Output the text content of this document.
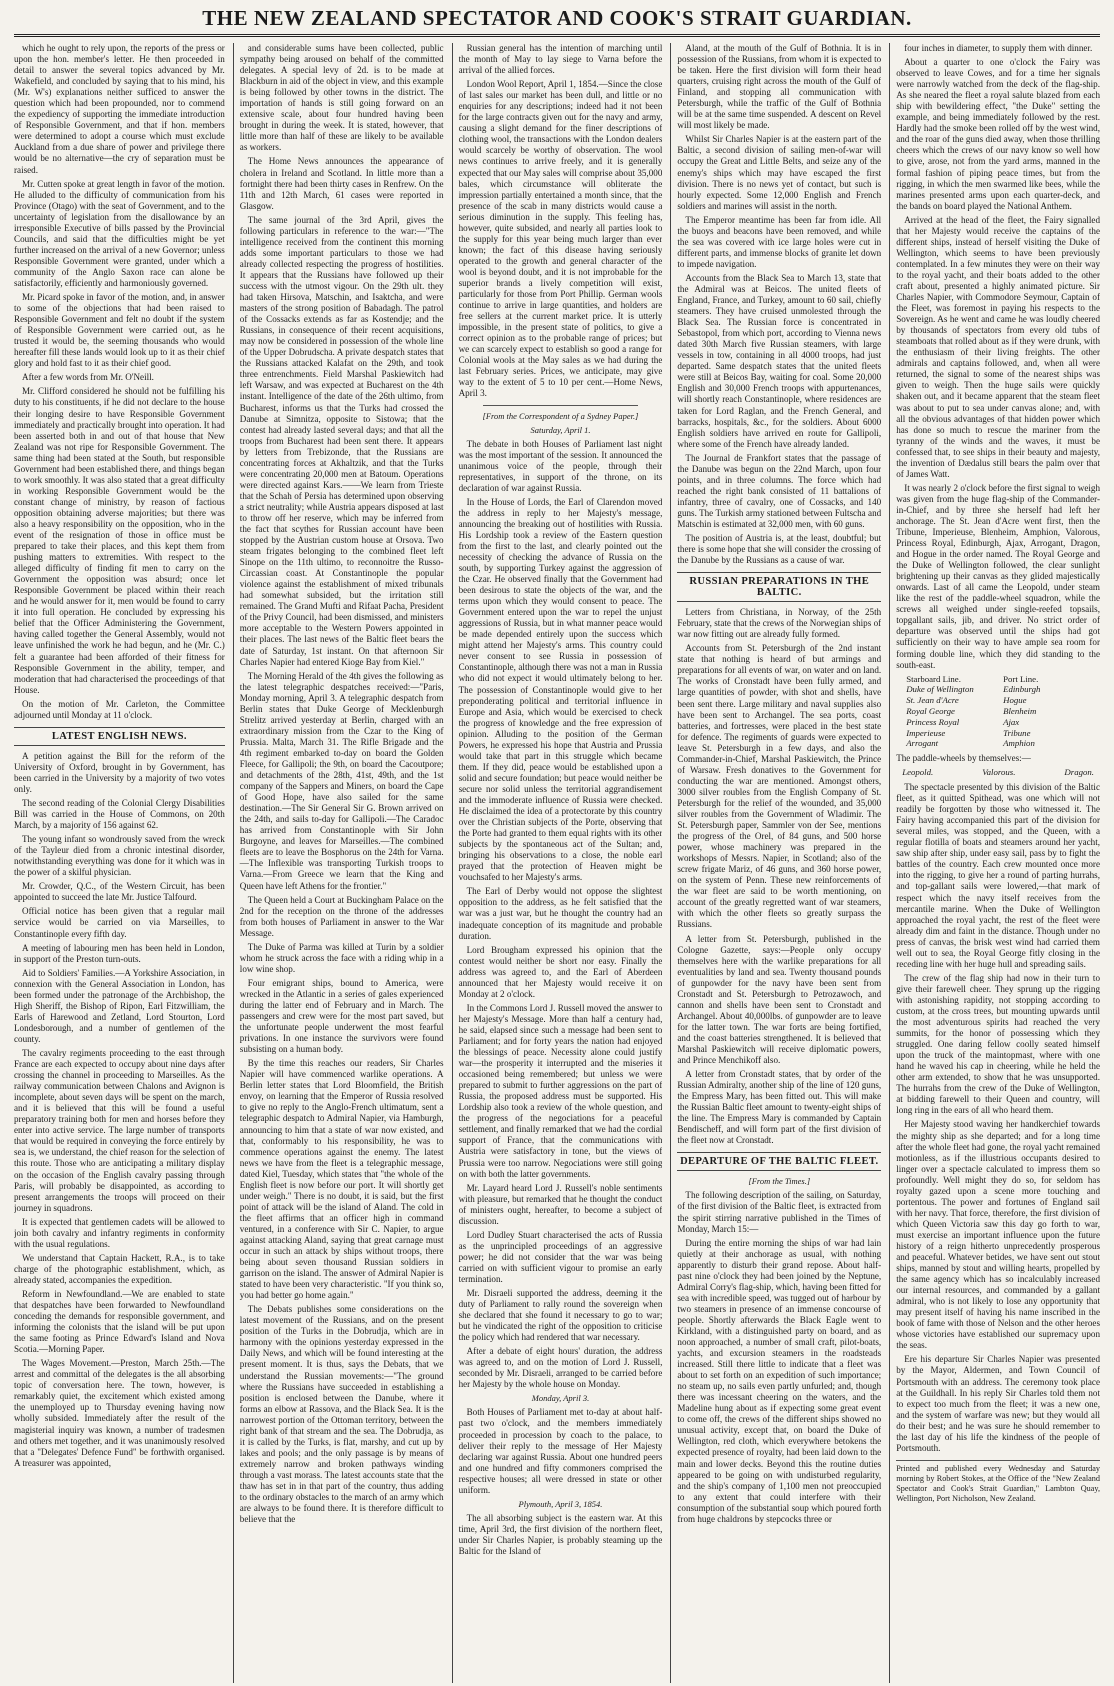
THE NEW ZEALAND SPECTATOR AND COOK'S STRAIT GUARDIAN.

which he ought to rely upon, the reports of the press or upon the hon. member's letter. He then proceeded in detail to answer the several topics advanced by Mr. Wakefield, and concluded by saying that to his mind, his (Mr. W's) explanations neither sufficed to answer the question which had been propounded, nor to commend the expediency of supporting the immediate introduction of Responsible Government, and that if hon. members were determined to adopt a course which must exclude Auckland from a due share of power and privilege there would be no alternative—the cry of separation must be raised.

Mr. Cutten spoke at great length in favor of the motion. He alluded to the difficulty of communication from his Province (Otago) with the seat of Government, and to the uncertainty of legislation from the disallowance by an irresponsible Executive of bills passed by the Provincial Councils, and said that the difficulties might be yet further increased on the arrival of a new Governor; unless Responsible Government were granted, under which a community of the Anglo Saxon race can alone be satisfactorily, efficiently and harmoniously governed.

Mr. Picard spoke in favor of the motion, and, in answer to some of the objections that had been raised to Responsible Government and felt no doubt if the system of Responsible Government were carried out, as he trusted it would be, the seeming thousands who would hereafter fill these lands would look up to it as their chief glory and hold fast to it as their chief good.

After a few words from Mr. O'Neill.

Mr. Clifford considered he should not be fulfilling his duty to his constituents, if he did not declare to the house their longing desire to have Responsible Government immediately and practically brought into operation. It had been asserted both in and out of that house that New Zealand was not ripe for Responsible Government. The same thing had been stated at the South, but responsible Government had been established there, and things began to work smoothly. It was also stated that a great difficulty in working Responsible Government would be the constant change of ministry, by reason of factious opposition obtaining adverse majorities; but there was also a heavy responsibility on the opposition, who in the event of the resignation of those in office must be prepared to take their places, and this kept them from pushing matters to extremities. With respect to the alleged difficulty of finding fit men to carry on the Government the opposition was absurd; once let Responsible Government be placed within their reach and he would answer for it, men would be found to carry it into full operation. He concluded by expressing his belief that the Officer Administering the Government, having called together the General Assembly, would not leave unfinished the work he had begun, and he (Mr. C.) felt a guarantee had been afforded of their fitness for Responsible Government in the ability, temper, and moderation that had characterised the proceedings of that House.

On the motion of Mr. Carleton, the Committee adjourned until Monday at 11 o'clock.

LATEST ENGLISH NEWS.

A petition against the Bill for the reform of the University of Oxford, brought in by Government, has been carried in the University by a majority of two votes only.

The second reading of the Colonial Clergy Disabilities Bill was carried in the House of Commons, on 20th March, by a majority of 156 against 62.

The young infant so wondrously saved from the wreck of the Tayleur died from a chronic intestinal disorder, notwithstanding everything was done for it which was in the power of a skilful physician.

Mr. Crowder, Q.C., of the Western Circuit, has been appointed to succeed the late Mr. Justice Talfourd.

Official notice has been given that a regular mail service would be carried on via Marseilles, to Constantinople every fifth day.

A meeting of labouring men has been held in London, in support of the Preston turn-outs.

Aid to Soldiers' Families.—A Yorkshire Association, in connexion with the General Association in London, has been formed under the patronage of the Archbishop, the High Sheriff, the Bishop of Ripon, Earl Fitzwilliam, the Earls of Harewood and Zetland, Lord Stourton, Lord Londesborough, and a number of gentlemen of the county.

The cavalry regiments proceeding to the east through France are each expected to occupy about nine days after crossing the channel in proceeding to Marseilles. As the railway communication between Chalons and Avignon is incomplete, about seven days will be spent on the march, and it is believed that this will be found a useful preparatory training both for men and horses before they enter into active service. The large number of transports that would be required in conveying the force entirely by sea is, we understand, the chief reason for the selection of this route. Those who are anticipating a military display on the occasion of the English cavalry passing through Paris, will probably be disappointed, as according to present arrangements the troops will proceed on their journey in squadrons.

It is expected that gentlemen cadets will be allowed to join both cavalry and infantry regiments in conformity with the usual regulations.

We understand that Captain Hackett, R.A., is to take charge of the photographic establishment, which, as already stated, accompanies the expedition.

Reform in Newfoundland.—We are enabled to state that despatches have been forwarded to Newfoundland conceding the demands for responsible government, and informing the colonists that the island will be put upon the same footing as Prince Edward's Island and Nova Scotia.—Morning Paper.

The Wages Movement.—Preston, March 25th.—The arrest and committal of the delegates is the all absorbing topic of conversation here. The town, however, is remarkably quiet, the excitement which existed among the unemployed up to Thursday evening having now wholly subsided. Immediately after the result of the magisterial inquiry was known, a number of tradesmen and others met together, and it was unanimously resolved that a "Delegates' Defence Fund" be forthwith organised. A treasurer was appointed,

and considerable sums have been collected, public sympathy being aroused on behalf of the committed delegates. A special levy of 2d. is to be made at Blackburn in aid of the object in view, and this example is being followed by other towns in the district. The importation of hands is still going forward on an extensive scale, about four hundred having been brought in during the week. It is stated, however, that little more than half of these are likely to be available as workers.

The Home News announces the appearance of cholera in Ireland and Scotland. In little more than a fortnight there had been thirty cases in Renfrew. On the 11th and 12th March, 61 cases were reported in Glasgow.

The same journal of the 3rd April, gives the following particulars in reference to the war:—"The intelligence received from the continent this morning adds some important particulars to those we had already collected respecting the progress of hostilities. It appears that the Russians have followed up their success with the utmost vigour. On the 29th ult. they had taken Hirsova, Matschin, and Isaktcha, and were masters of the strong position of Babadagh. The patrol of the Cossacks extends as far as Kostendje; and the Russians, in consequence of their recent acquisitions, may now be considered in possession of the whole line of the Upper Dobrudscha. A private despatch states that the Russians attacked Kalafat on the 29th, and took three entrenchments. Field Marshal Paskiewitch had left Warsaw, and was expected at Bucharest on the 4th instant. Intelligence of the date of the 26th ultimo, from Bucharest, informs us that the Turks had crossed the Danube at Simnitza, opposite to Sistowa; that the contest had already lasted several days; and that all the troops from Bucharest had been sent there. It appears by letters from Trebizonde, that the Russians are concentrating forces at Akhaltzik, and that the Turks were concentrating 20,000 men at Batoum. Operations were directed against Kars.——We learn from Trieste that the Schah of Persia has determined upon observing a strict neutrality; while Austria appears disposed at last to throw off her reserve, which may be inferred from the fact that scythes for Russian account have been stopped by the Austrian custom house at Orsova. Two steam frigates belonging to the combined fleet left Sinope on the 11th ultimo, to reconnoitre the Russo-Circassian coast. At Constantinople the popular violence against the establishment of mixed tribunals had somewhat subsided, but the irritation still remained. The Grand Mufti and Rifaat Pacha, President of the Privy Council, had been dismissed, and ministers more acceptable to the Western Powers appointed in their places. The last news of the Baltic fleet bears the date of Saturday, 1st instant. On that afternoon Sir Charles Napier had entered Kioge Bay from Kiel."

The Morning Herald of the 4th gives the following as the latest telegraphic despatches received:—"Paris, Monday morning, April 3. A telegraphic despatch from Berlin states that Duke George of Mecklenburgh Strelitz arrived yesterday at Berlin, charged with an extraordinary mission from the Czar to the King of Prussia. Malta, March 31. The Rifle Brigade and the 4th regiment embarked to-day on board the Golden Fleece, for Gallipoli; the 9th, on board the Cacoutpore; and detachments of the 28th, 41st, 49th, and the 1st company of the Sappers and Miners, on board the Cape of Good Hope, have also sailed for the same destination.—The Sir General Sir G. Brown arrived on the 24th, and sails to-day for Gallipoli.—The Caradoc has arrived from Constantinople with Sir John Burgoyne, and leaves for Marseilles.—The combined fleets are to leave the Bosphorus on the 24th for Varna.—The Inflexible was transporting Turkish troops to Varna.—From Greece we learn that the King and Queen have left Athens for the frontier."

The Queen held a Court at Buckingham Palace on the 2nd for the reception on the throne of the addresses from both houses of Parliament in answer to the War Message.

The Duke of Parma was killed at Turin by a soldier whom he struck across the face with a riding whip in a low wine shop.

Four emigrant ships, bound to America, were wrecked in the Atlantic in a series of gales experienced during the latter end of February and in March. The passengers and crew were for the most part saved, but the unfortunate people underwent the most fearful privations. In one instance the survivors were found subsisting on a human body.

By the time this reaches our readers, Sir Charles Napier will have commenced warlike operations. A Berlin letter states that Lord Bloomfield, the British envoy, on learning that the Emperor of Russia resolved to give no reply to the Anglo-French ultimatum, sent a telegraphic despatch to Admiral Napier, via Hamburgh, announcing to him that a state of war now existed, and that, conformably to his responsibility, he was to commence operations against the enemy. The latest news we have from the fleet is a telegraphic message, dated Kiel, Tuesday, which states that "the whole of the English fleet is now before our port. It will shortly get under weigh." There is no doubt, it is said, but the first point of attack will be the island of Aland. The cold in the fleet affirms that an officer high in command ventured, in a conference with Sir C. Napier, to argue against attacking Aland, saying that great carnage must occur in such an attack by ships without troops, there being about seven thousand Russian soldiers in garrison on the island. The answer of Admiral Napier is stated to have been very characteristic. "If you think so, you had better go home again."

The Debats publishes some considerations on the latest movement of the Russians, and on the present position of the Turks in the Dobrudja, which are in harmony with the opinions yesterday expressed in the Daily News, and which will be found interesting at the present moment. It is thus, says the Debats, that we understand the Russian movements:—"The ground where the Russians have succeeded in establishing a position is enclosed between the Danube, where it forms an elbow at Rassova, and the Black Sea. It is the narrowest portion of the Ottoman territory, between the right bank of that stream and the sea. The Dobrudja, as it is called by the Turks, is flat, marshy, and cut up by lakes and pools; and the only passage is by means of extremely narrow and broken pathways winding through a vast morass. The latest accounts state that the thaw has set in in that part of the country, thus adding to the ordinary obstacles to the march of an army which are always to be found there. It is therefore difficult to believe that the

Russian general has the intention of marching until the month of May to lay siege to Varna before the arrival of the allied forces.

London Wool Report, April 1, 1854.—Since the close of last sales our market has been dull, and little or no enquiries for any descriptions; indeed had it not been for the large contracts given out for the navy and army, causing a slight demand for the finer descriptions of clothing wool, the transactions with the London dealers would scarcely be worthy of observation. The wool news continues to arrive freely, and it is generally expected that our May sales will comprise about 35,000 bales, which circumstance will obliterate the impression partially entertained a month since, that the presence of the scab in many districts would cause a serious diminution in the supply. This feeling has, however, quite subsided, and nearly all parties look to the supply for this year being much larger than ever known; the fact of this disease having seriously operated to the growth and general character of the wool is beyond doubt, and it is not improbable for the superior brands a lively competition will exist, particularly for those from Port Phillip. German wools continue to arrive in large quantities, and holders are free sellers at the current market price. It is utterly impossible, in the present state of politics, to give a correct opinion as to the probable range of prices; but we can scarcely expect to establish so good a range for Colonial wools at the May sales as we had during the last February series. Prices, we anticipate, may give way to the extent of 5 to 10 per cent.—Home News, April 3.

[From the Correspondent of a Sydney Paper.]
Saturday, April 1.

The debate in both Houses of Parliament last night was the most important of the session. It announced the unanimous voice of the people, through their representatives, in support of the throne, on its declaration of war against Russia.

In the House of Lords, the Earl of Clarendon moved the address in reply to her Majesty's message, announcing the breaking out of hostilities with Russia. His Lordship took a review of the Eastern question from the first to the last, and clearly pointed out the necessity of checking the advance of Russia on the south, by supporting Turkey against the aggression of the Czar. He observed finally that the Government had been desirous to state the objects of the war, and the terms upon which they would consent to peace. The Government entered upon the war to repel the unjust aggressions of Russia, but in what manner peace would be made depended entirely upon the success which might attend her Majesty's arms. This country could never consent to see Russia in possession of Constantinople, although there was not a man in Russia who did not expect it would ultimately belong to her. The possession of Constantinople would give to her preponderating political and territorial influence in Europe and Asia, which would be exercised to check the progress of knowledge and the free expression of opinion. Alluding to the position of the German Powers, he expressed his hope that Austria and Prussia would take that part in this struggle which became them. If they did, peace would be established upon a solid and secure foundation; but peace would neither be secure nor solid unless the territorial aggrandisement and the immoderate influence of Russia were checked. He disclaimed the idea of a protectorate by this country over the Christian subjects of the Porte, observing that the Porte had granted to them equal rights with its other subjects by the spontaneous act of the Sultan; and, bringing his observations to a close, the noble earl prayed that the protection of Heaven might be vouchsafed to her Majesty's arms.

The Earl of Derby would not oppose the slightest opposition to the address, as he felt satisfied that the war was a just war, but he thought the country had an inadequate conception of its magnitude and probable duration.

Lord Brougham expressed his opinion that the contest would neither be short nor easy. Finally the address was agreed to, and the Earl of Aberdeen announced that her Majesty would receive it on Monday at 2 o'clock.

In the Commons Lord J. Russell moved the answer to her Majesty's Message. More than half a century had, he said, elapsed since such a message had been sent to Parliament; and for forty years the nation had enjoyed the blessings of peace. Necessity alone could justify war—the prosperity it interrupted and the miseries it occasioned being remembered; but unless we were prepared to submit to further aggressions on the part of Russia, the proposed address must be supported. His Lordship also took a review of the whole question, and the progress of the negociations for a peaceful settlement, and finally remarked that we had the cordial support of France, that the communications with Austria were satisfactory in tone, but the views of Prussia were too narrow. Negociations were still going on with both the latter governments.

Mr. Layard heard Lord J. Russell's noble sentiments with pleasure, but remarked that he thought the conduct of ministers ought, hereafter, to become a subject of discussion.

Lord Dudley Stuart characterised the acts of Russia as the unprincipled proceedings of an aggressive power; he did not consider that the war was being carried on with sufficient vigour to promise an early termination.

Mr. Disraeli supported the address, deeming it the duty of Parliament to rally round the sovereign when she declared that she found it necessary to go to war; but he vindicated the right of the opposition to criticise the policy which had rendered that war necessary.

After a debate of eight hours' duration, the address was agreed to, and on the motion of Lord J. Russell, seconded by Mr. Disraeli, arranged to be carried before her Majesty by the whole house on Monday.

Monday, April 3.

Both Houses of Parliament met to-day at about half-past two o'clock, and the members immediately proceeded in procession by coach to the palace, to deliver their reply to the message of Her Majesty declaring war against Russia. About one hundred peers and one hundred and fifty commoners comprised the respective houses; all were dressed in state or other uniform.

Plymouth, April 3, 1854.

The all absorbing subject is the eastern war. At this time, April 3rd, the first division of the northern fleet, under Sir Charles Napier, is probably steaming up the Baltic for the Island of

Aland, at the mouth of the Gulf of Bothnia. It is in possession of the Russians, from whom it is expected to be taken. Here the first division will form their head quarters, cruising right across the mouth of the Gulf of Finland, and stopping all communication with Petersburgh, while the traffic of the Gulf of Bothnia will be at the same time suspended. A descent on Revel will most likely be made.

Whilst Sir Charles Napier is at the eastern part of the Baltic, a second division of sailing men-of-war will occupy the Great and Little Belts, and seize any of the enemy's ships which may have escaped the first division. There is no news yet of contact, but such is hourly expected. Some 12,000 English and French soldiers and marines will assist in the north.

The Emperor meantime has been far from idle. All the buoys and beacons have been removed, and while the sea was covered with ice large holes were cut in different parts, and immense blocks of granite let down to impede navigation.

Accounts from the Black Sea to March 13, state that the Admiral was at Beicos. The united fleets of England, France, and Turkey, amount to 60 sail, chiefly steamers. They have cruised unmolested through the Black Sea. The Russian force is concentrated in Sebastopol, from which port, according to Vienna news dated 30th March five Russian steamers, with large vessels in tow, containing in all 4000 troops, had just departed. Same despatch states that the united fleets were still at Beicos Bay, waiting for coal. Some 20,000 English and 30,000 French troops with appurtenances, will shortly reach Constantinople, where residences are taken for Lord Raglan, and the French General, and barracks, hospitals, &c., for the soldiers. About 6000 English soldiers have arrived en route for Gallipoli, where some of the French have already landed.

The Journal de Frankfort states that the passage of the Danube was begun on the 22nd March, upon four points, and in three columns. The force which had reached the right bank consisted of 11 battalions of infantry, three of cavalry, one of Cossacks, and 140 guns. The Turkish army stationed between Fultscha and Matschin is estimated at 32,000 men, with 60 guns.

The position of Austria is, at the least, doubtful; but there is some hope that she will consider the crossing of the Danube by the Russians as a cause of war.

RUSSIAN PREPARATIONS IN THE BALTIC.

Letters from Christiana, in Norway, of the 25th February, state that the crews of the Norwegian ships of war now fitting out are already fully formed.

Accounts from St. Petersburgh of the 2nd instant state that nothing is heard of but armings and preparations for all events of war, on water and on land. The works of Cronstadt have been fully armed, and large quantities of powder, with shot and shells, have been sent there. Large military and naval supplies also have been sent to Archangel. The sea ports, coast batteries, and fortresses, were placed in the best state for defence. The regiments of guards were expected to leave St. Petersburgh in a few days, and also the Commander-in-Chief, Marshal Paskiewitch, the Prince of Warsaw. Fresh donatives to the Government for conducting the war are mentioned. Amongst others, 3000 silver roubles from the English Company of St. Petersburgh for the relief of the wounded, and 35,000 silver roubles from the Government of Wladimir. The St. Petersburgh paper, Sammler von der See, mentions the progress of the Orel, of 84 guns, and 500 horse power, whose machinery was prepared in the workshops of Messrs. Napier, in Scotland; also of the screw frigate Mariz, of 46 guns, and 360 horse power, on the system of Penn. These new reinforcements of the war fleet are said to be worth mentioning, on account of the greatly regretted want of war steamers, with which the other fleets so greatly surpass the Russians.

A letter from St. Petersburgh, published in the Cologne Gazette, says:—People only occupy themselves here with the warlike preparations for all eventualities by land and sea. Twenty thousand pounds of gunpowder for the navy have been sent from Cronstadt and St. Petersburgh to Petrozawoch, and cannon and shells have been sent to Cronstadt and Archangel. About 40,000lbs. of gunpowder are to leave for the latter town. The war forts are being fortified, and the coast batteries strengthened. It is believed that Marshal Paskiewitch will receive diplomatic powers, and Prince Menchikoff also.

A letter from Cronstadt states, that by order of the Russian Admiralty, another ship of the line of 120 guns, the Empress Mary, has been fitted out. This will make the Russian Baltic fleet amount to twenty-eight ships of the line. The Empress Mary is commanded by Captain Bendischeff, and will form part of the first division of the fleet now at Cronstadt.

DEPARTURE OF THE BALTIC FLEET.
[From the Times.]

The following description of the sailing, on Saturday, of the first division of the Baltic fleet, is extracted from the spirit stirring narrative published in the Times of Monday, March 15:—

During the entire morning the ships of war had lain quietly at their anchorage as usual, with nothing apparently to disturb their grand repose. About half-past nine o'clock they had been joined by the Neptune, Admiral Corry's flag-ship, which, having been fitted for sea with incredible speed, was tugged out of harbour by two steamers in presence of an immense concourse of people. Shortly afterwards the Black Eagle went to Kirkland, with a distinguished party on board, and as noon approached, a number of small craft, pilot-boats, yachts, and excursion steamers in the roadsteads increased. Still there little to indicate that a fleet was about to set forth on an expedition of such importance; no steam up, no sails even partly unfurled; and, though there was incessant cheering on the waters, and the Madeline hung about as if expecting some great event to come off, the crews of the different ships showed no unusual activity, except that, on board the Duke of Wellington, red cloth, which everywhere betokens the expected presence of royalty, had been laid down to the main and lower decks. Beyond this the routine duties appeared to be going on with undisturbed regularity, and the ship's company of 1,100 men not preoccupied to any extent that could interfere with their consumption of the substantial soup which poured forth from huge chaldrons by stepcocks three or

four inches in diameter, to supply them with dinner.

About a quarter to one o'clock the Fairy was observed to leave Cowes, and for a time her signals were narrowly watched from the deck of the flag-ship. As she neared the fleet a royal salute blazed from each ship with bewildering effect, "the Duke" setting the example, and being immediately followed by the rest. Hardly had the smoke been rolled off by the west wind, and the roar of the guns died away, when those thrilling cheers which the crews of our navy know so well how to give, arose, not from the yard arms, manned in the formal fashion of piping peace times, but from the rigging, in which the men swarmed like bees, while the marines presented arms upon each quarter-deck, and the bands on board played the National Anthem.

Arrived at the head of the fleet, the Fairy signalled that her Majesty would receive the captains of the different ships, instead of herself visiting the Duke of Wellington, which seems to have been previously contemplated. In a few minutes they were on their way to the royal yacht, and their boats added to the other craft about, presented a highly animated picture. Sir Charles Napier, with Commodore Seymour, Captain of the Fleet, was foremost in paying his respects to the Sovereign. As he went and came he was loudly cheered by thousands of spectators from every old tubs of steamboats that rolled about as if they were drunk, with the enthusiasm of their living freights. The other admirals and captains followed, and, when all were returned, the signal to some of the nearest ships was given to weigh. Then the huge sails were quickly shaken out, and it became apparent that the steam fleet was about to put to sea under canvas alone; and, with all the obvious advantages of that hidden power which has done so much to rescue the mariner from the tyranny of the winds and the waves, it must be confessed that, to see ships in their beauty and majesty, the invention of Dædalus still bears the palm over that of James Watt.

It was nearly 2 o'clock before the first signal to weigh was given from the huge flag-ship of the Commander-in-Chief, and by three she herself had left her anchorage. The St. Jean d'Acre went first, then the Tribune, Imperieuse, Blenheim, Amphion, Valorous, Princess Royal, Edinburgh, Ajax, Arrogant, Dragon, and Hogue in the order named. The Royal George and the Duke of Wellington followed, the clear sunlight brightening up their canvas as they glided majestically onwards. Last of all came the Leopold, under steam like the rest of the paddle-wheel squadron, while the screws all weighed under single-reefed topsails, topgallant sails, jib, and driver. No strict order of departure was observed until the ships had got sufficiently on their way to have ample sea room for forming double line, which they did standing to the south-east.

Starboard Line.	Port Line.
Duke of Wellington	Edinburgh
St. Jean d'Acre	Hogue
Royal George	Blenheim
Princess Royal	Ajax
Imperieuse	Tribune
Arrogant	Amphion

The paddle-wheels by themselves:—

Leopold.	Valorous.	Dragon.

The spectacle presented by this division of the Baltic fleet, as it quitted Spithead, was one which will not readily be forgotten by those who witnessed it. The Fairy having accompanied this part of the division for several miles, was stopped, and the Queen, with a regular flotilla of boats and steamers around her yacht, saw ship after ship, under easy sail, pass by to fight the battles of the country. Each crew mounted once more into the rigging, to give her a round of parting hurrahs, and top-gallant sails were lowered,—that mark of respect which the navy itself receives from the mercantile marine. When the Duke of Wellington approached the royal yacht, the rest of the fleet were already dim and faint in the distance. Though under no press of canvas, the brisk west wind had carried them well out to sea, the Royal George fitly closing in the receding line with her huge hull and spreading sails.

The crew of the flag ship had now in their turn to give their farewell cheer. They sprung up the rigging with astonishing rapidity, not stopping according to custom, at the cross trees, but mounting upwards until the most adventurous spirits had reached the very summits, for the honor of possessing which they struggled. One daring fellow coolly seated himself upon the truck of the maintopmast, where with one hand he waved his cap in cheering, while he held the other arm extended, to show that he was unsupported. The hurrahs from the crew of the Duke of Wellington, at bidding farewell to their Queen and country, will long ring in the ears of all who heard them.

Her Majesty stood waving her handkerchief towards the mighty ship as she departed; and for a long time after the whole fleet had gone, the royal yacht remained motionless, as if the illustrious occupants desired to linger over a spectacle calculated to impress them so profoundly. Well might they do so, for seldom has royalty gazed upon a scene more touching and portentous. The power and fortunes of England sail with her navy. That force, therefore, the first division of which Queen Victoria saw this day go forth to war, must exercise an important influence upon the future history of a reign hitherto unprecedently prosperous and peaceful. Whatever betides, we have sent out stout ships, manned by stout and willing hearts, propelled by the same agency which has so incalculably increased our internal resources, and commanded by a gallant admiral, who is not likely to lose any opportunity that may present itself of having his name inscribed in the book of fame with those of Nelson and the other heroes whose victories have established our supremacy upon the seas.

Ere his departure Sir Charles Napier was presented by the Mayor, Aldermen, and Town Council of Portsmouth with an address. The ceremony took place at the Guildhall. In his reply Sir Charles told them not to expect too much from the fleet; it was a new one, and the system of warfare was new; but they would all do their best; and he was sure he should remember to the last day of his life the kindness of the people of Portsmouth.

Printed and published every Wednesday and Saturday morning by Robert Stokes, at the Office of the "New Zealand Spectator and Cook's Strait Guardian," Lambton Quay, Wellington, Port Nicholson, New Zealand.
